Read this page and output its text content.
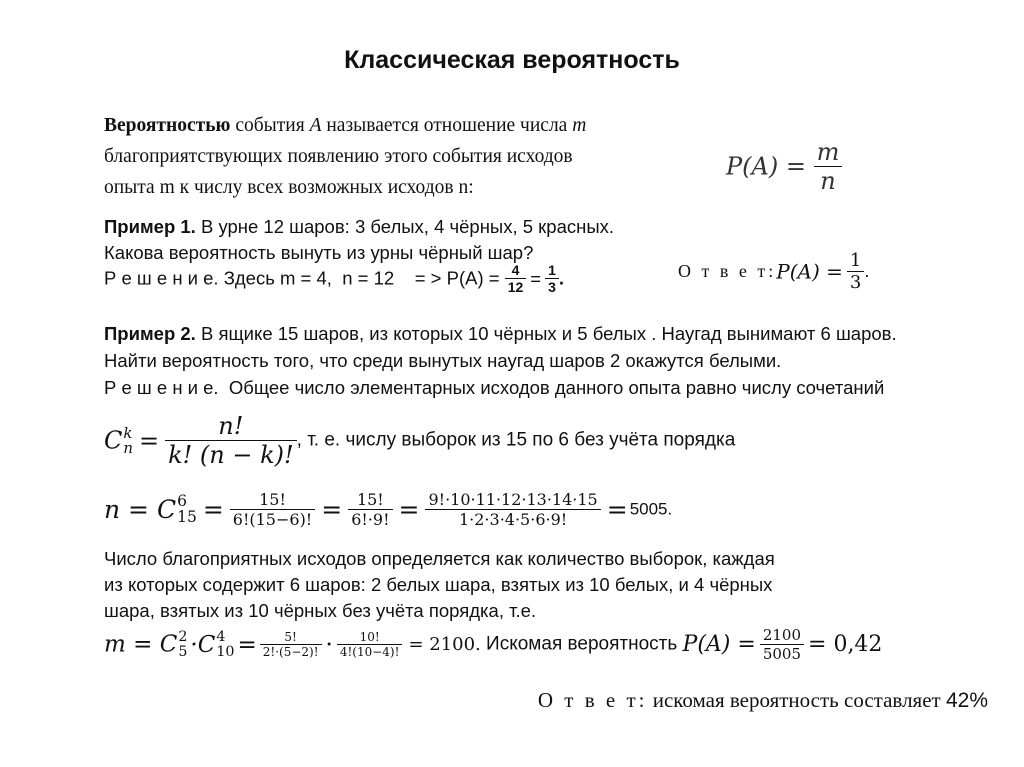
Классическая вероятность
Вероятностью события A называется отношение числа m
благоприятствующих появлению этого события исходов
опыта m к числу всех возможных исходов n:
$P(A) = \frac{m}{n}$
Пример 1. В урне 12 шаров: 3 белых, 4 чёрных, 5 красных.
Какова вероятность вынуть из урны чёрный шар?
Р е ш е н и е. Здесь m = 4,  n = 12    = > $P(A) = \frac{4}{12} = \frac{1}{3}$ .	О т в е т:P(A) = $\frac{1}{3}$ .
Пример 2. В ящике 15 шаров, из которых 10 чёрных и 5 белых . Наугад вынимают 6 шаров.
Найти вероятность того, что среди вынутых наугад шаров 2 окажутся белыми.
Р е ш е н и е.  Общее число элементарных исходов данного опыта равно числу сочетаний
C k
$n = \frac{n!}{k! (n - k)!}$ , т. е. числу выборок из 15 по 6 без учёта порядка
n = C 6
$15 = \frac{15!}{6!(15-6)!} = \frac{15!}{6!\cdot 9!} = \frac{9!\cdot 10\cdot 11\cdot 12\cdot 13\cdot 14\cdot 15}{1\cdot 2\cdot 3\cdot 4\cdot 5\cdot 6\cdot 9!} = 5005$.
Число благоприятных исходов определяется как количество выборок, каждая
из которых содержит 6 шаров: 2 белых шара, взятых из 10 белых, и 4 чёрных
шара, взятых из 10 чёрных без учёта порядка, т.е.
m = C 2
5 ·C 4
$10 = \frac{5!}{2!\cdot(5-2)!} \cdot \frac{10!}{4!(10-4)!} = 2100$. Искомая вероятность $P(A) = \frac{2100}{5005} = 0,42$
О т в е т: искомая вероятность составляет 42%
